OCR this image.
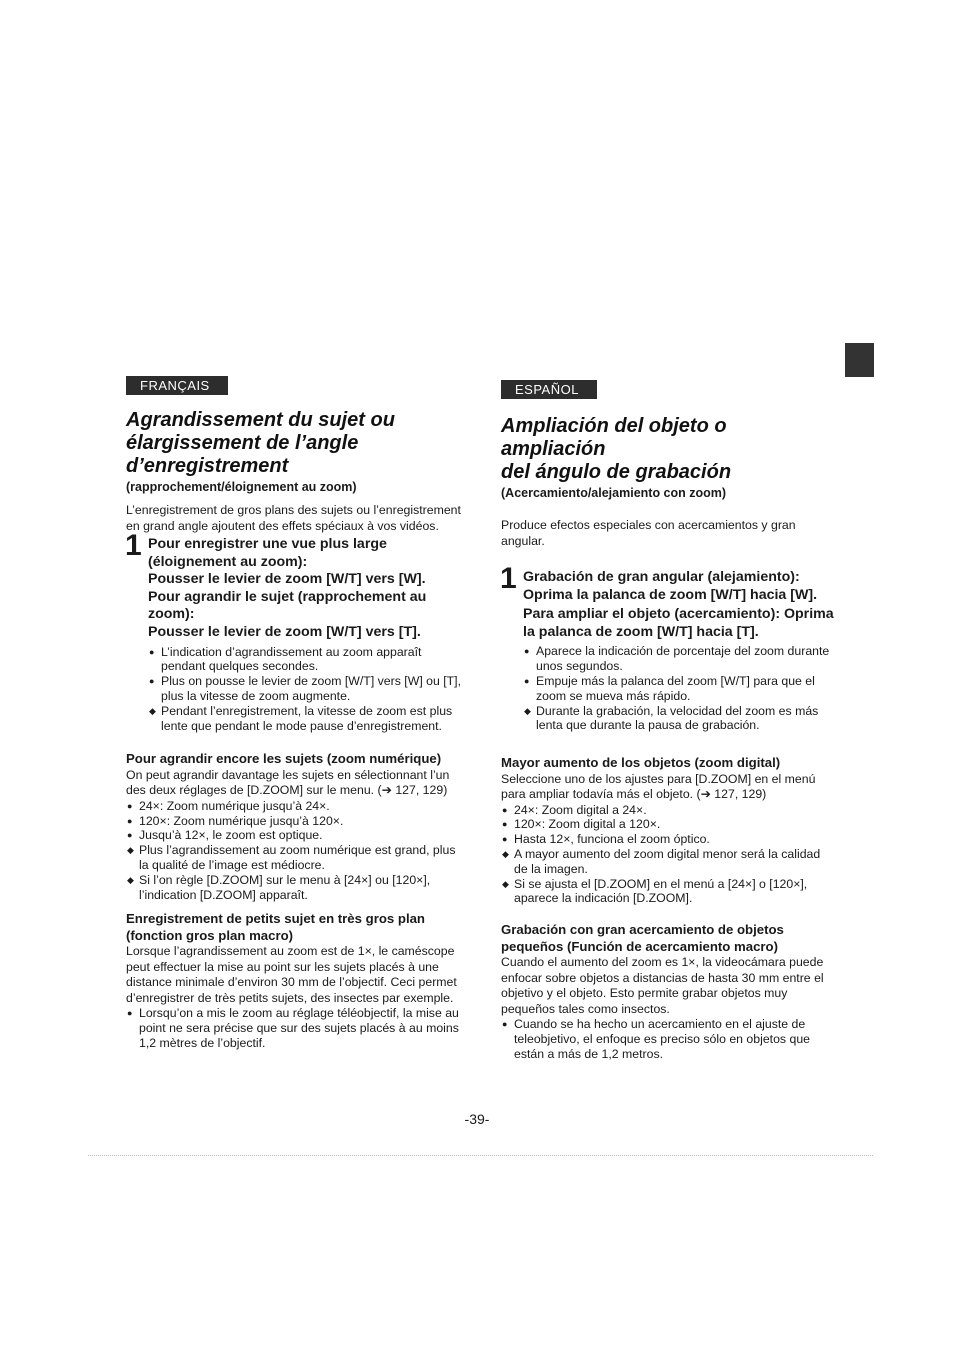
FRANÇAIS
Agrandissement du sujet ou
élargissement de l’angle
d’enregistrement

(rapprochement/éloignement au zoom)

L’enregistrement de gros plans des sujets ou l’enregistrement en grand angle ajoutent des effets spéciaux à vos vidéos.

1 Pour enregistrer une vue plus large (éloignement au zoom):
Pousser le levier de zoom [W/T] vers [W].
Pour agrandir le sujet (rapprochement au zoom):
Pousser le levier de zoom [W/T] vers [T].
● L’indication d’agrandissement au zoom apparaît pendant quelques secondes.
● Plus on pousse le levier de zoom [W/T] vers [W] ou [T], plus la vitesse de zoom augmente.
◆ Pendant l’enregistrement, la vitesse de zoom est plus lente que pendant le mode pause d’enregistrement.
Pour agrandir encore les sujets (zoom numérique)

On peut agrandir davantage les sujets en sélectionnant l’un des deux réglages de [D.ZOOM] sur le menu. (➔ 127, 129)

● 24×: Zoom numérique jusqu’à 24×.
● 120×: Zoom numérique jusqu’à 120×.
● Jusqu’à 12×, le zoom est optique.
◆ Plus l’agrandissement au zoom numérique est grand, plus la qualité de l’image est médiocre.
◆ Si l’on règle [D.ZOOM] sur le menu à [24×] ou [120×], l’indication [D.ZOOM] apparaît.
Enregistrement de petits sujet en très gros plan (fonction gros plan macro)

Lorsque l’agrandissement au zoom est de 1×, le caméscope peut effectuer la mise au point sur les sujets placés à une distance minimale d’environ 30 mm de l’objectif. Ceci permet d’enregistrer de très petits sujets, des insectes par exemple.

● Lorsqu’on a mis le zoom au réglage téléobjectif, la mise au point ne sera précise que sur des sujets placés à au moins 1,2 mètres de l’objectif.
ESPAÑOL
Ampliación del objeto o ampliación
del ángulo de grabación

(Acercamiento/alejamiento con zoom)

Produce efectos especiales con acercamientos y gran angular.

1 Grabación de gran angular (alejamiento): Oprima la palanca de zoom [W/T] hacia [W].
Para ampliar el objeto (acercamiento): Oprima la palanca de zoom [W/T] hacia [T].
● Aparece la indicación de porcentaje del zoom durante unos segundos.
● Empuje más la palanca del zoom [W/T] para que el zoom se mueva más rápido.
◆ Durante la grabación, la velocidad del zoom es más lenta que durante la pausa de grabación.
Mayor aumento de los objetos (zoom digital)

Seleccione uno de los ajustes para [D.ZOOM] en el menú para ampliar todavía más el objeto. (➔ 127, 129)

● 24×: Zoom digital a 24×.
● 120×: Zoom digital a 120×.
● Hasta 12×, funciona el zoom óptico.
◆ A mayor aumento del zoom digital menor será la calidad de la imagen.
◆ Si se ajusta el [D.ZOOM] en el menú a [24×] o [120×], aparece la indicación [D.ZOOM].
Grabación con gran acercamiento de objetos pequeños (Función de acercamiento macro)

Cuando el aumento del zoom es 1×, la videocámara puede enfocar sobre objetos a distancias de hasta 30 mm entre el objetivo y el objeto. Esto permite grabar objetos muy pequeños tales como insectos.

● Cuando se ha hecho un acercamiento en el ajuste de teleobjetivo, el enfoque es preciso sólo en objetos que están a más de 1,2 metros.
-39-
